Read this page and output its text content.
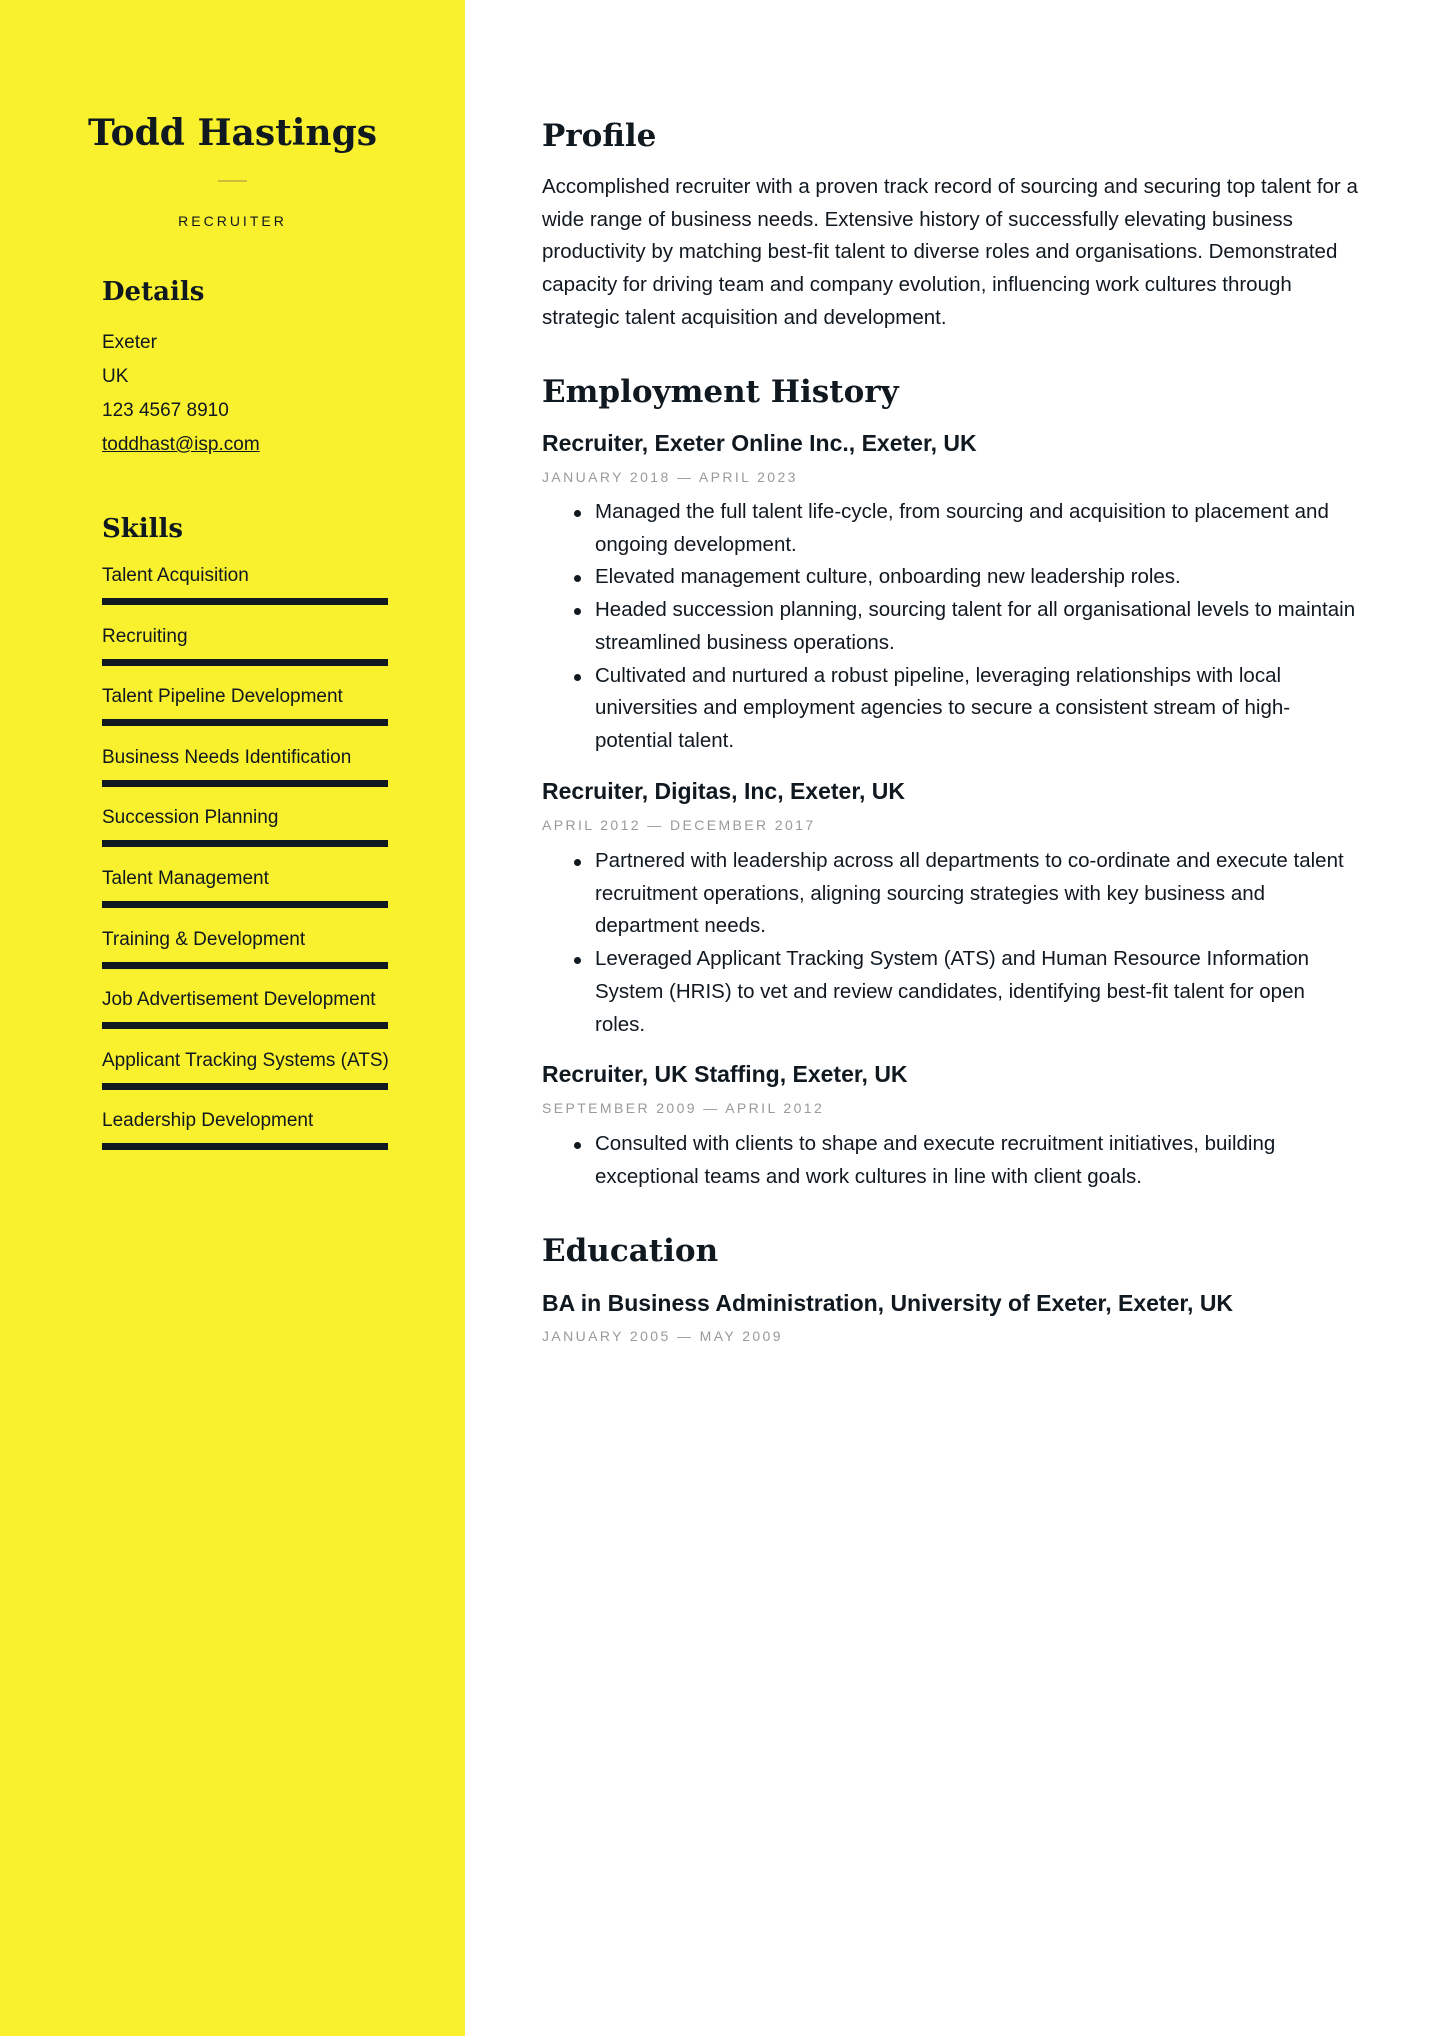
Todd Hastings
RECRUITER
Details
Exeter
UK
123 4567 8910
toddhast@isp.com
Skills
Talent Acquisition
Recruiting
Talent Pipeline Development
Business Needs Identification
Succession Planning
Talent Management
Training & Development
Job Advertisement Development
Applicant Tracking Systems (ATS)
Leadership Development
Profile

Accomplished recruiter with a proven track record of sourcing and securing top talent for a wide range of business needs. Extensive history of successfully elevating business productivity by matching best-fit talent to diverse roles and organisations. Demonstrated capacity for driving team and company evolution, influencing work cultures through strategic talent acquisition and development.

Employment History
Recruiter, Exeter Online Inc., Exeter, UK
JANUARY 2018 — APRIL 2023
Managed the full talent life-cycle, from sourcing and acquisition to placement and ongoing development.
Elevated management culture, onboarding new leadership roles.
Headed succession planning, sourcing talent for all organisational levels to maintain streamlined business operations.
Cultivated and nurtured a robust pipeline, leveraging relationships with local universities and employment agencies to secure a consistent stream of high-potential talent.
Recruiter, Digitas, Inc, Exeter, UK
APRIL 2012 — DECEMBER 2017
Partnered with leadership across all departments to co-ordinate and execute talent recruitment operations, aligning sourcing strategies with key business and department needs.
Leveraged Applicant Tracking System (ATS) and Human Resource Information System (HRIS) to vet and review candidates, identifying best-fit talent for open roles.
Recruiter, UK Staffing, Exeter, UK
SEPTEMBER 2009 — APRIL 2012
Consulted with clients to shape and execute recruitment initiatives, building exceptional teams and work cultures in line with client goals.
Education
BA in Business Administration, University of Exeter, Exeter, UK
JANUARY 2005 — MAY 2009
